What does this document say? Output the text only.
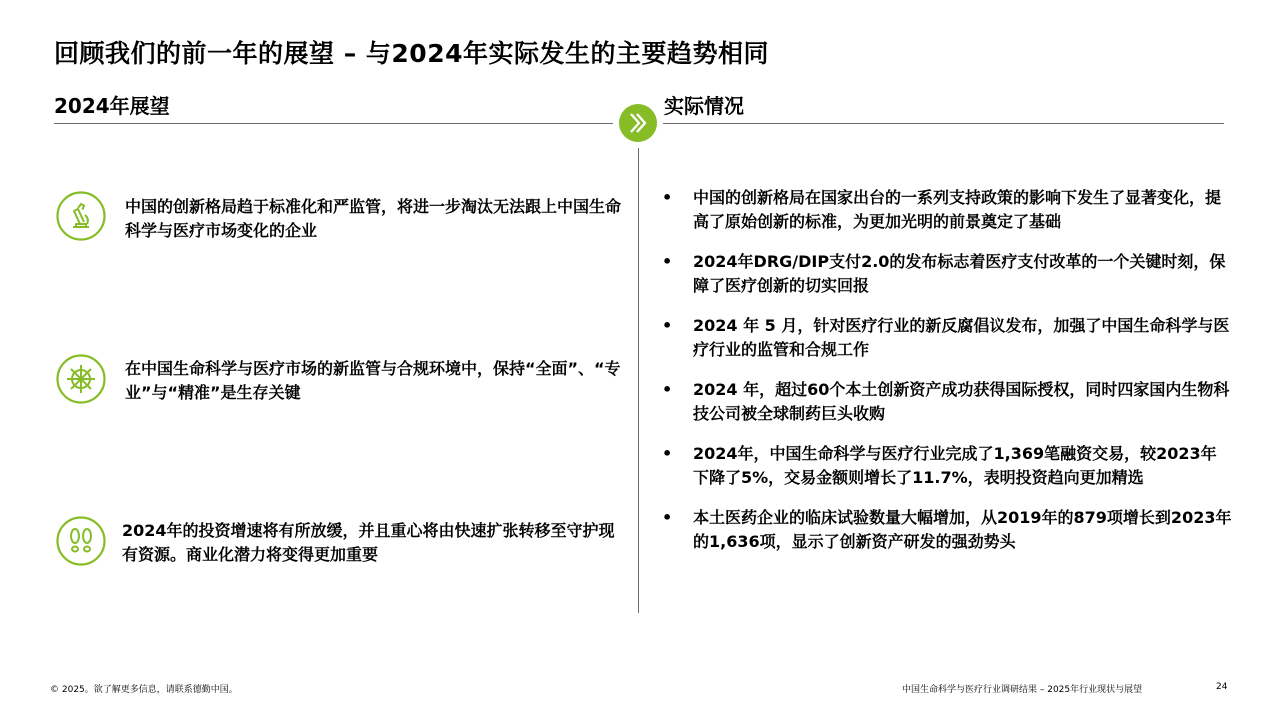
回顾我们的前一年的展望 – 与2024年实际发生的主要趋势相同
2024年展望	实际情况
中国的创新格局趋于标准化和严监管，将进一步淘汰无法跟上中国生命科学与医疗市场变化的企业
在中国生命科学与医疗市场的新监管与合规环境中，保持“全面”、“专业”与“精准”是生存关键
2024年的投资增速将有所放缓，并且重心将由快速扩张转移至守护现有资源。商业化潜力将变得更加重要
• 中国的创新格局在国家出台的一系列支持政策的影响下发生了显著变化，提高了原始创新的标准，为更加光明的前景奠定了基础
• 2024年DRG/DIP支付2.0的发布标志着医疗支付改革的一个关键时刻，保障了医疗创新的切实回报
• 2024 年 5 月，针对医疗行业的新反腐倡议发布，加强了中国生命科学与医疗行业的监管和合规工作
• 2024 年，超过60个本土创新资产成功获得国际授权，同时四家国内生物科技公司被全球制药巨头收购
• 2024年，中国生命科学与医疗行业完成了1,369笔融资交易，较2023年下降了5%，交易金额则增长了11.7%，表明投资趋向更加精选
• 本土医药企业的临床试验数量大幅增加，从2019年的879项增长到2023年的1,636项，显示了创新资产研发的强劲势头
© 2025。欲了解更多信息，请联系德勤中国。	中国生命科学与医疗行业调研结果 – 2025年行业现状与展望	24
